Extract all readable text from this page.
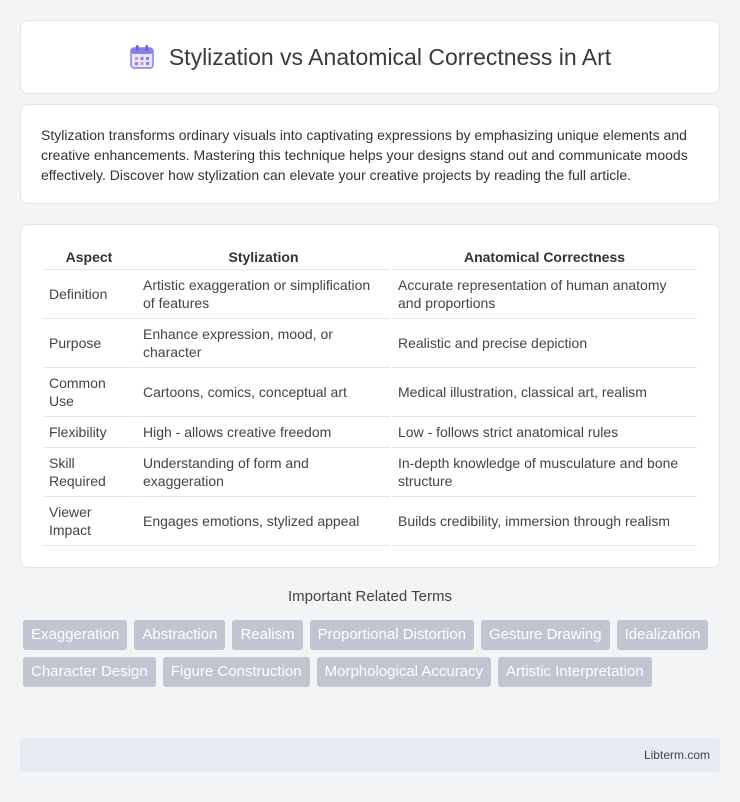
Stylization vs Anatomical Correctness in Art

Stylization transforms ordinary visuals into captivating expressions by emphasizing unique elements and creative enhancements. Mastering this technique helps your designs stand out and communicate moods effectively. Discover how stylization can elevate your creative projects by reading the full article.

Aspect	Stylization	Anatomical Correctness
Definition	Artistic exaggeration or simplification of features	Accurate representation of human anatomy and proportions
Purpose	Enhance expression, mood, or character	Realistic and precise depiction
Common Use	Cartoons, comics, conceptual art	Medical illustration, classical art, realism
Flexibility	High - allows creative freedom	Low - follows strict anatomical rules
Skill Required	Understanding of form and exaggeration	In-depth knowledge of musculature and bone structure
Viewer Impact	Engages emotions, stylized appeal	Builds credibility, immersion through realism
Important Related Terms
Exaggeration	Abstraction	Realism	Proportional Distortion	Gesture Drawing	Idealization
Character Design	Figure Construction	Morphological Accuracy	Artistic Interpretation
Libterm.com
